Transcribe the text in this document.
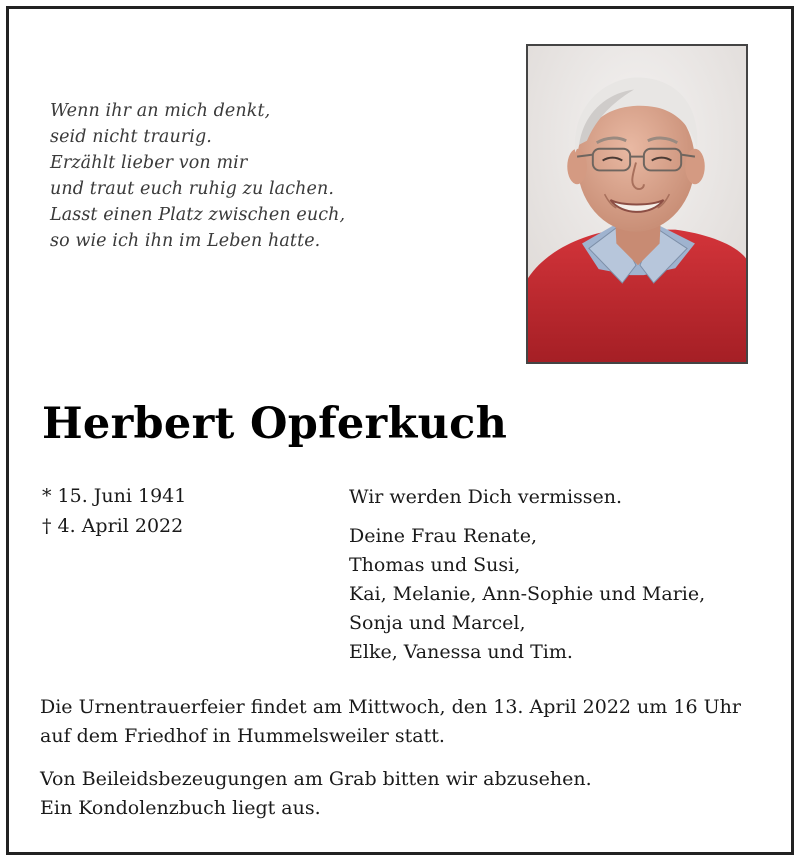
Wenn ihr an mich denkt,
seid nicht traurig.
Erzählt lieber von mir
und traut euch ruhig zu lachen.
Lasst einen Platz zwischen euch,
so wie ich ihn im Leben hatte.
Herbert Opferkuch
* 15. Juni 1941
† 4. April 2022
Wir werden Dich vermissen.
Deine Frau Renate,
Thomas und Susi,
Kai, Melanie, Ann-Sophie und Marie,
Sonja und Marcel,
Elke, Vanessa und Tim.
Die Urnentrauerfeier findet am Mittwoch, den 13. April 2022 um 16 Uhr
auf dem Friedhof in Hummelsweiler statt.
Von Beileidsbezeugungen am Grab bitten wir abzusehen.
Ein Kondolenzbuch liegt aus.
